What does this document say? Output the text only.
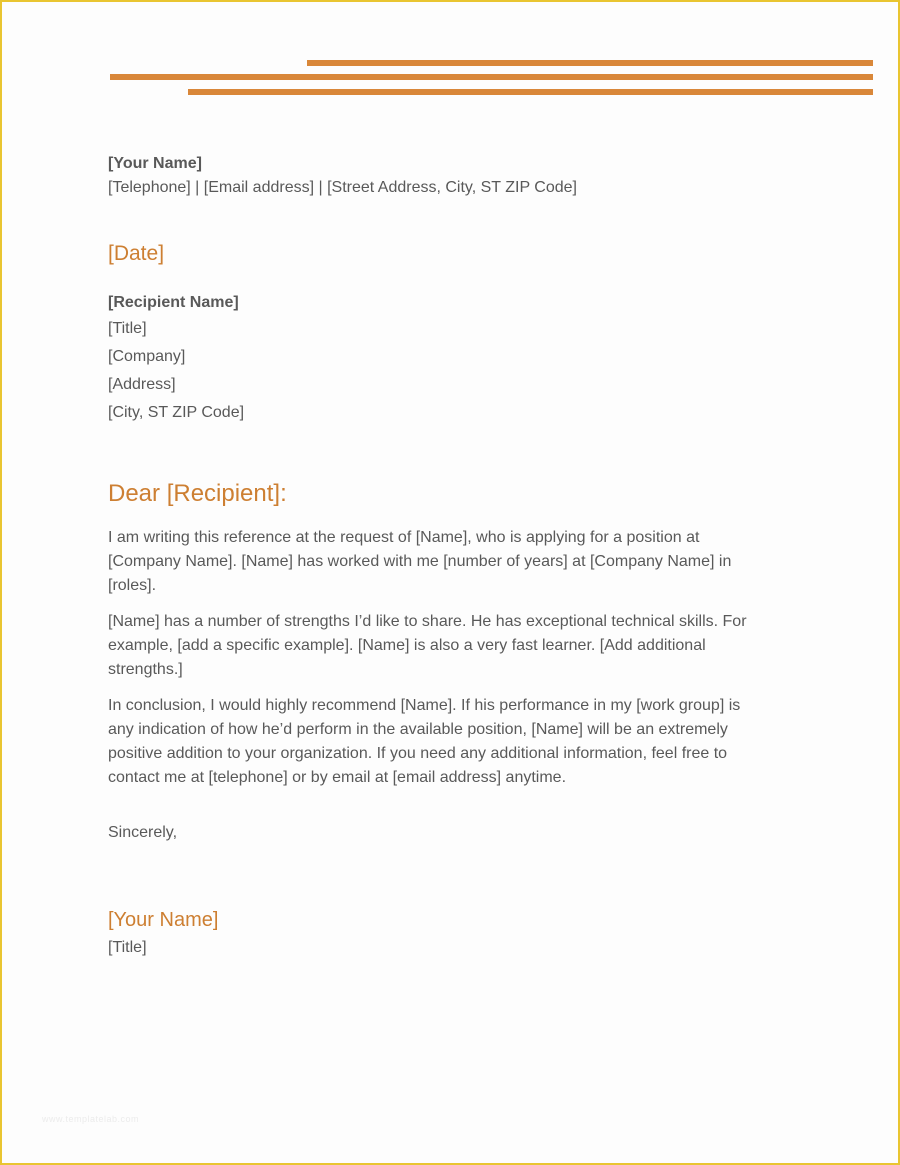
[Your Name]
[Telephone] | [Email address] | [Street Address, City, ST ZIP Code]
[Date]
[Recipient Name]
[Title]
[Company]
[Address]
[City, ST ZIP Code]
Dear [Recipient]:
I am writing this reference at the request of [Name], who is applying for a position at [Company Name]. [Name] has worked with me [number of years] at [Company Name] in [roles].
[Name] has a number of strengths I’d like to share. He has exceptional technical skills. For example, [add a specific example]. [Name] is also a very fast learner. [Add additional strengths.]
In conclusion, I would highly recommend [Name]. If his performance in my [work group] is any indication of how he’d perform in the available position, [Name] will be an extremely positive addition to your organization. If you need any additional information, feel free to contact me at [telephone] or by email at [email address] anytime.
Sincerely,
[Your Name]
[Title]
www.templatelab.com
